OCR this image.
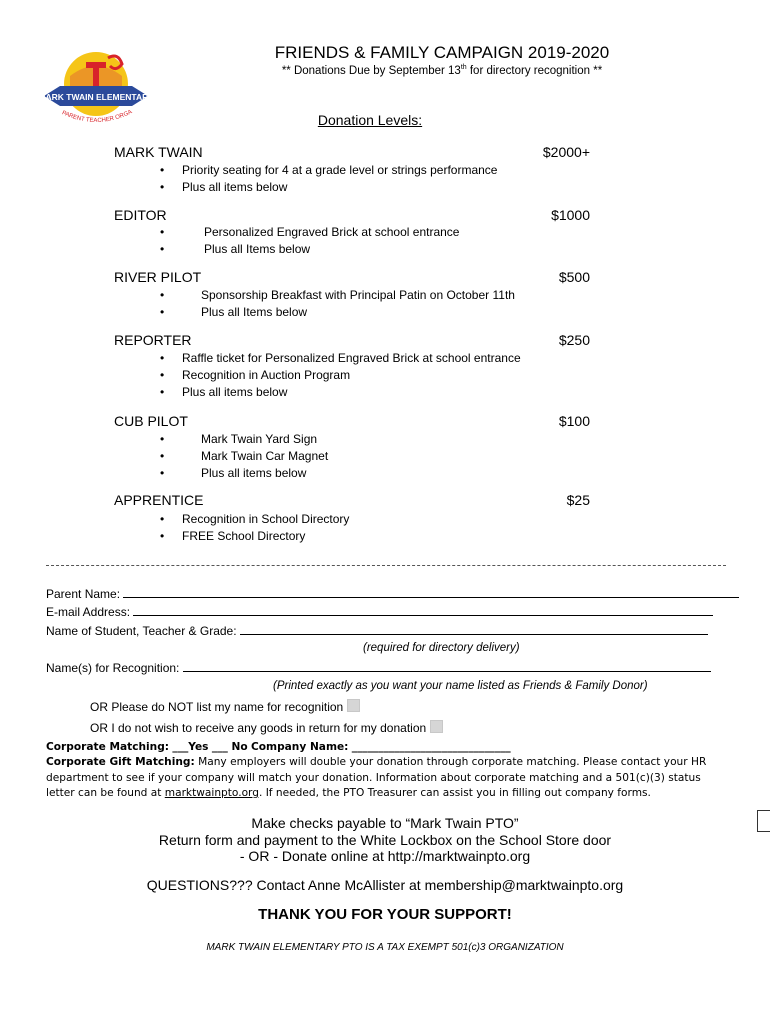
MARK TWAIN ELEMENTARY
PARENT TEACHER ORGA
FRIENDS & FAMILY CAMPAIGN 2019-2020
** Donations Due by September 13th for directory recognition **
Donation Levels:
MARK TWAIN	$2000+
• Priority seating for 4 at a grade level or strings performance
• Plus all items below
EDITOR	$1000
•	Personalized Engraved Brick at school entrance
•	Plus all Items below
RIVER PILOT	$500
•	Sponsorship Breakfast with Principal Patin on October 11th
•	Plus all Items below
REPORTER	$250
• Raffle ticket for Personalized Engraved Brick at school entrance
• Recognition in Auction Program
• Plus all items below
CUB PILOT	$100
•	Mark Twain Yard Sign
•	Mark Twain Car Magnet
•	Plus all items below
APPRENTICE	$25
• Recognition in School Directory
• FREE School Directory
Parent Name:
E-mail Address:
Name of Student, Teacher & Grade:
(required for directory delivery)
Name(s) for Recognition:
(Printed exactly as you want your name listed as Friends & Family Donor)
OR Please do NOT list my name for recognition
OR I do not wish to receive any goods in return for my donation
Corporate Matching: ___Yes ___ No Company Name: ______________________________
Corporate Gift Matching: Many employers will double your donation through corporate matching. Please contact your HR department to see if your company will match your donation. Information about corporate matching and a 501(c)(3) status letter can be found at marktwainpto.org. If needed, the PTO Treasurer can assist you in filling out company forms.
Make checks payable to “Mark Twain PTO”
Return form and payment to the White Lockbox on the School Store door
- OR - Donate online at http://marktwainpto.org
QUESTIONS??? Contact Anne McAllister at membership@marktwainpto.org
THANK YOU FOR YOUR SUPPORT!
MARK TWAIN ELEMENTARY PTO IS A TAX EXEMPT 501(c)3 ORGANIZATION
